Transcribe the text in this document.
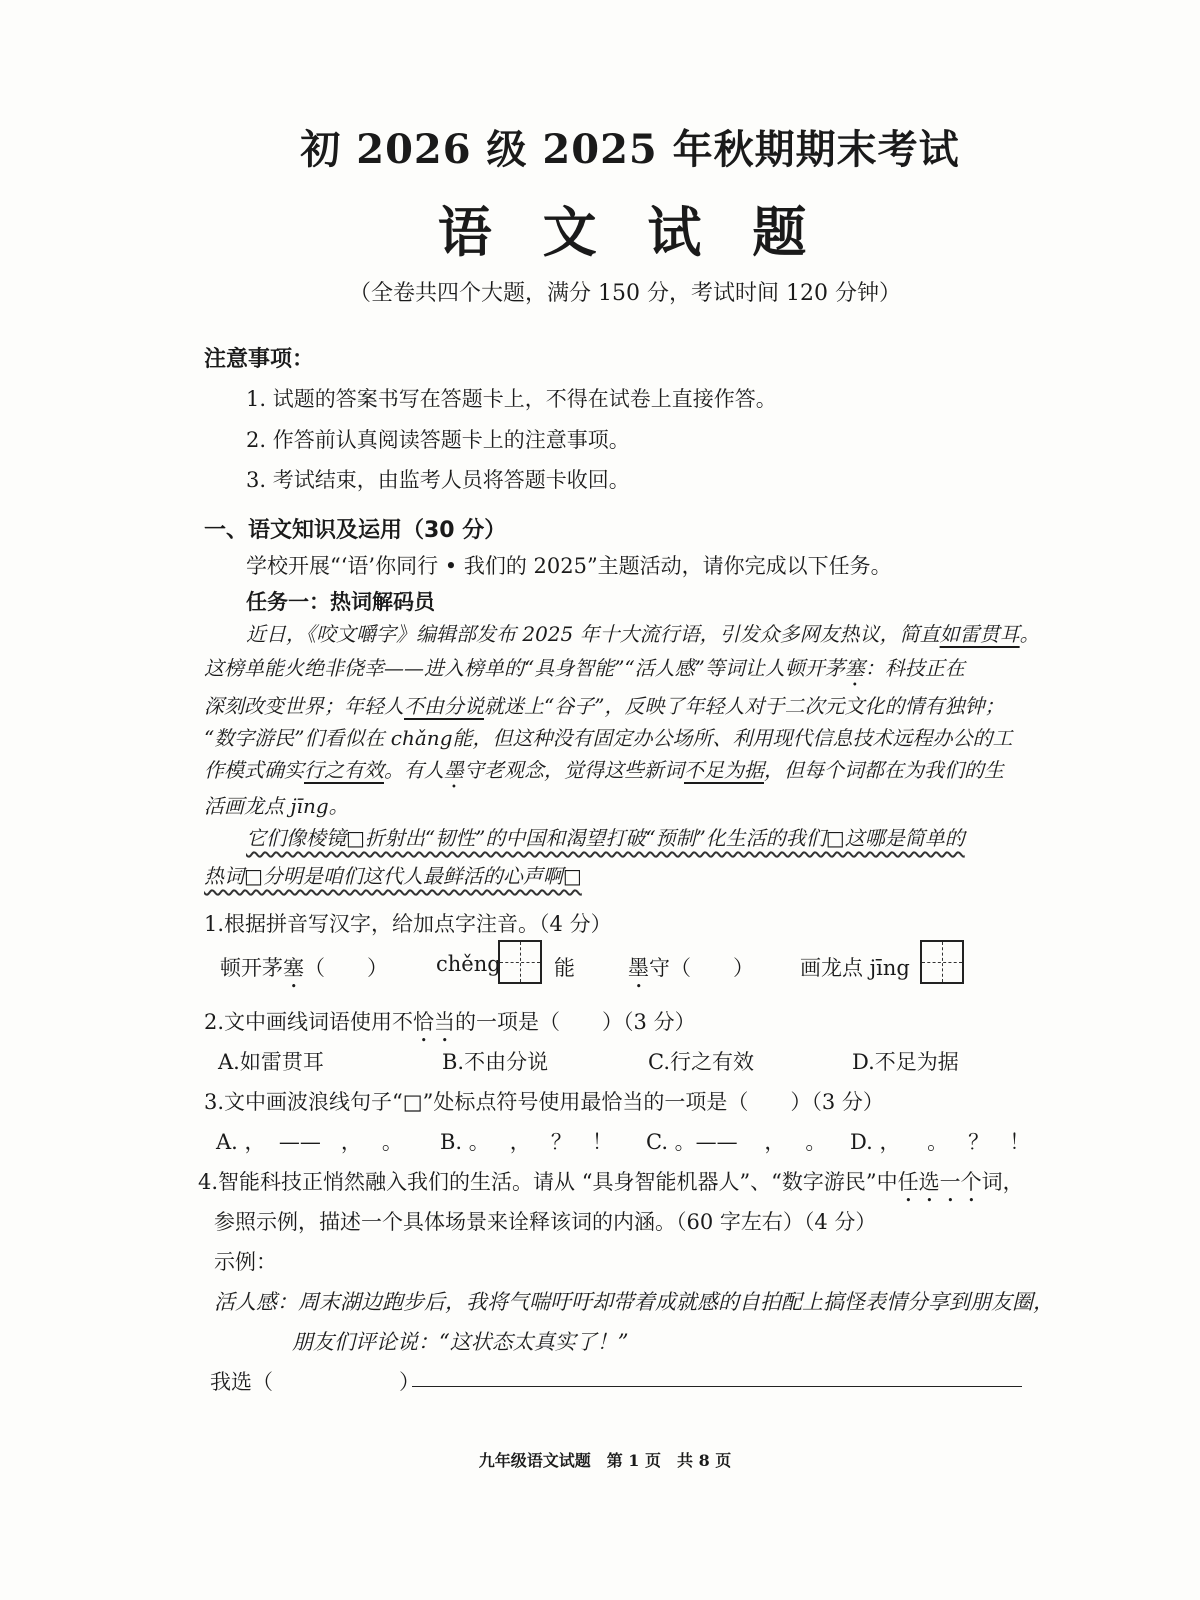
初 2026 级 2025 年秋期期末考试
语 文 试 题
（全卷共四个大题，满分 150 分，考试时间 120 分钟）
注意事项：
1. 试题的答案书写在答题卡上，不得在试卷上直接作答。
2. 作答前认真阅读答题卡上的注意事项。
3. 考试结束，由监考人员将答题卡收回。
一、语文知识及运用（30 分）
学校开展“‘语’你同行 • 我们的 2025”主题活动，请你完成以下任务。
任务一：热词解码员
近日，《咬文嚼字》编辑部发布 2025 年十大流行语，引发众多网友热议，简直如雷贯耳。
这榜单能火绝非侥幸——进入榜单的“具身智能”“活人感”等词让人顿开茅塞：科技正在
深刻改变世界；年轻人不由分说就迷上“谷子”，反映了年轻人对于二次元文化的情有独钟；
“数字游民”们看似在 chǎng能，但这种没有固定办公场所、利用现代信息技术远程办公的工
作模式确实行之有效。有人墨守老观念，觉得这些新词不足为据，但每个词都在为我们的生
活画龙点 jīng。
它们像棱镜□折射出“韧性”的中国和渴望打破“预制”化生活的我们□这哪是简单的
热词□分明是咱们这代人最鲜活的心声啊□
1.根据拼音写汉字，给加点字注音。（4 分）
顿开茅塞（　　） chěng	能	墨守（　　） 画龙点 jīng
2.文中画线词语使用不恰当的一项是（　　）（3 分）
A.如雷贯耳	B.不由分说	C.行之有效	D.不足为据
3.文中画波浪线句子“□”处标点符号使用最恰当的一项是（　　）（3 分）
A. ，  ——   ，   。 B. 。   ，   ？   ！ C. 。——    ，   。 D. ，    。   ？   ！
4.智能科技正悄然融入我们的生活。请从 “具身智能机器人”、“数字游民”中任选一个词，
参照示例，描述一个具体场景来诠释该词的内涵。（60 字左右）（4 分）
示例：
活人感：周末湖边跑步后，我将气喘吁吁却带着成就感的自拍配上搞怪表情分享到朋友圈，
朋友们评论说：“这状态太真实了！”
我选（　　　　　　）
九年级语文试题　第 1 页　共 8 页
